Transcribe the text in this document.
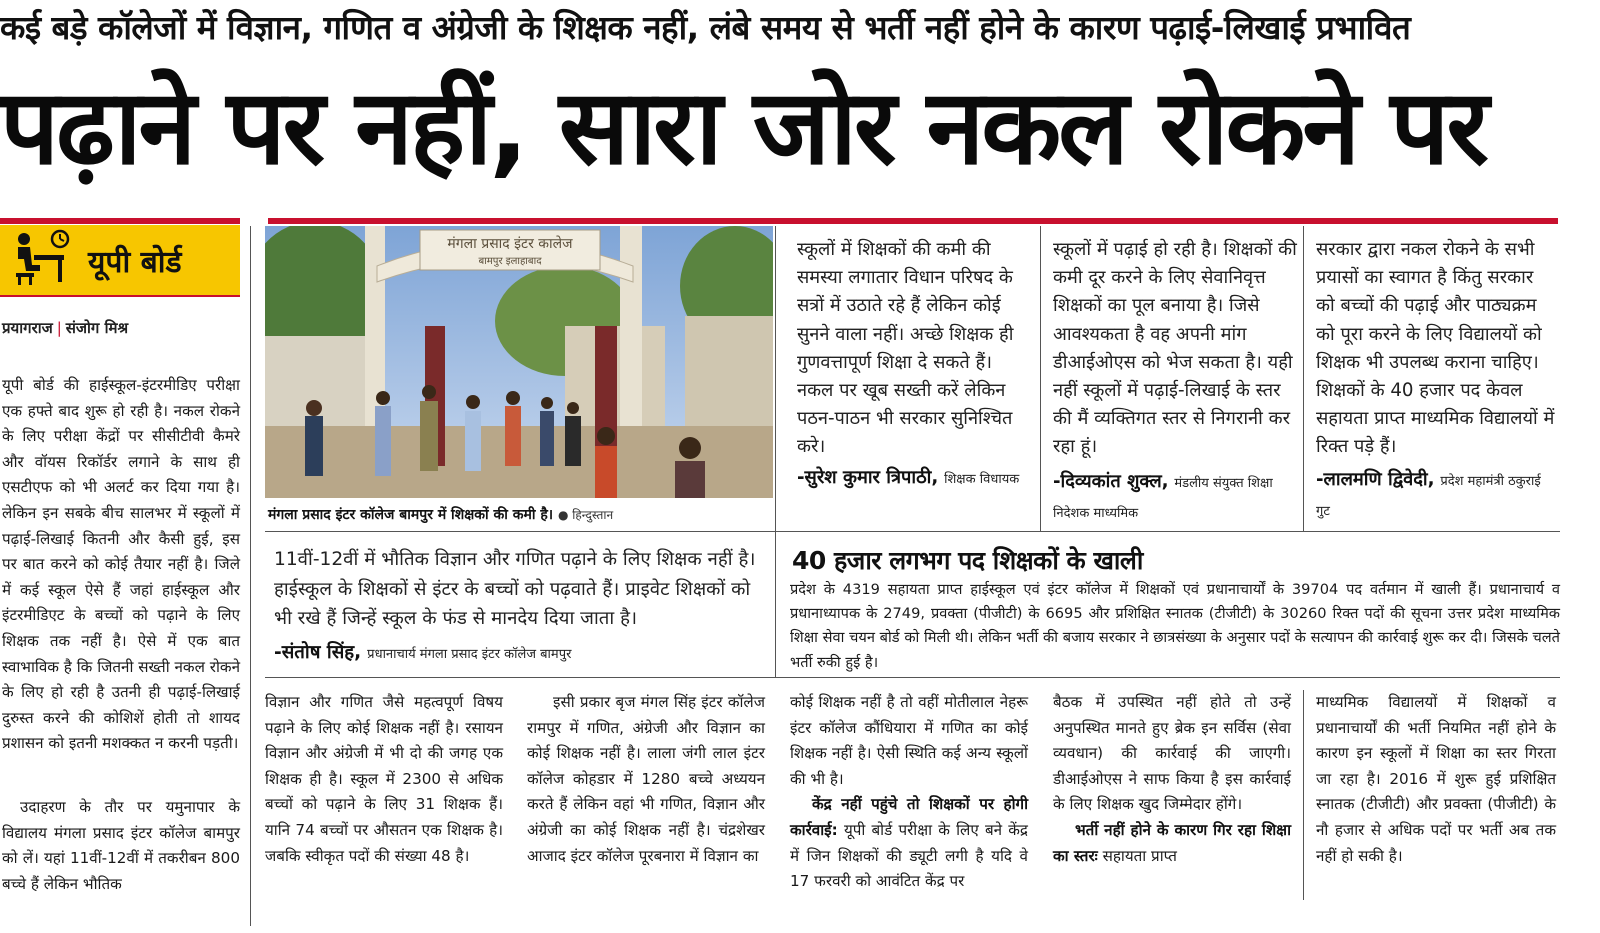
कई बड़े कॉलेजों में विज्ञान, गणित व अंग्रेजी के शिक्षक नहीं, लंबे समय से भर्ती नहीं होने के कारण पढ़ाई-लिखाई प्रभावित
पढ़ाने पर नहीं, सारा जोर नकल रोकने पर
यूपी बोर्ड
प्रयागराज | संजोग मिश्र
यूपी बोर्ड की हाईस्कूल-इंटरमीडिए परीक्षा एक हफ्ते बाद शुरू हो रही है। नकल रोकने के लिए परीक्षा केंद्रों पर सीसीटीवी कैमरे और वॉयस रिकॉर्डर लगाने के साथ ही एसटीएफ को भी अलर्ट कर दिया गया है। लेकिन इन सबके बीच सालभर में स्कूलों में पढ़ाई-लिखाई कितनी और कैसी हुई, इस पर बात करने को कोई तैयार नहीं है। जिले में कई स्कूल ऐसे हैं जहां हाईस्कूल और इंटरमीडिएट के बच्चों को पढ़ाने के लिए शिक्षक तक नहीं है। ऐसे में एक बात स्वाभाविक है कि जितनी सख्ती नकल रोकने के लिए हो रही है उतनी ही पढ़ाई-लिखाई दुरुस्त करने की कोशिशें होती तो शायद प्रशासन को इतनी मशक्कत न करनी पड़ती।
उदाहरण के तौर पर यमुनापार के विद्यालय मंगला प्रसाद इंटर कॉलेज बामपुर को लें। यहां 11वीं-12वीं में तकरीबन 800 बच्चे हैं लेकिन भौतिक
मंगला प्रसाद इंटर कालेज
बामपुर इलाहाबाद
मंगला प्रसाद इंटर कॉलेज बामपुर में शिक्षकों की कमी है। ● हिन्दुस्तान
स्कूलों में शिक्षकों की कमी की समस्या लगातार विधान परिषद के सत्रों में उठाते रहे हैं लेकिन कोई सुनने वाला नहीं। अच्छे शिक्षक ही गुणवत्तापूर्ण शिक्षा दे सकते हैं। नकल पर खूब सख्ती करें लेकिन पठन-पाठन भी सरकार सुनिश्चित करे।
-सुरेश कुमार त्रिपाठी, शिक्षक विधायक
स्कूलों में पढ़ाई हो रही है। शिक्षकों की कमी दूर करने के लिए सेवानिवृत्त शिक्षकों का पूल बनाया है। जिसे आवश्यकता है वह अपनी मांग डीआईओएस को भेज सकता है। यही नहीं स्कूलों में पढ़ाई-लिखाई के स्तर की मैं व्यक्तिगत स्तर से निगरानी कर रहा हूं।
-दिव्यकांत शुक्ल, मंडलीय संयुक्त शिक्षा निदेशक माध्यमिक
सरकार द्वारा नकल रोकने के सभी प्रयासों का स्वागत है किंतु सरकार को बच्चों की पढ़ाई और पाठ्यक्रम को पूरा करने के लिए विद्यालयों को शिक्षक भी उपलब्ध कराना चाहिए। शिक्षकों के 40 हजार पद केवल सहायता प्राप्त माध्यमिक विद्यालयों में रिक्त पड़े हैं।
-लालमणि द्विवेदी, प्रदेश महामंत्री ठकुराई गुट
11वीं-12वीं में भौतिक विज्ञान और गणित पढ़ाने के लिए शिक्षक नहीं है। हाईस्कूल के शिक्षकों से इंटर के बच्चों को पढ़वाते हैं। प्राइवेट शिक्षकों को भी रखे हैं जिन्हें स्कूल के फंड से मानदेय दिया जाता है।
-संतोष सिंह, प्रधानाचार्य मंगला प्रसाद इंटर कॉलेज बामपुर
40 हजार लगभग पद शिक्षकों के खाली
प्रदेश के 4319 सहायता प्राप्त हाईस्कूल एवं इंटर कॉलेज में शिक्षकों एवं प्रधानाचार्यों के 39704 पद वर्तमान में खाली हैं। प्रधानाचार्य व प्रधानाध्यापक के 2749, प्रवक्ता (पीजीटी) के 6695 और प्रशिक्षित स्नातक (टीजीटी) के 30260 रिक्त पदों की सूचना उत्तर प्रदेश माध्यमिक शिक्षा सेवा चयन बोर्ड को मिली थी। लेकिन भर्ती की बजाय सरकार ने छात्रसंख्या के अनुसार पदों के सत्यापन की कार्रवाई शुरू कर दी। जिसके चलते भर्ती रुकी हुई है।
विज्ञान और गणित जैसे महत्वपूर्ण विषय पढ़ाने के लिए कोई शिक्षक नहीं है। रसायन विज्ञान और अंग्रेजी में भी दो की जगह एक शिक्षक ही है। स्कूल में 2300 से अधिक बच्चों को पढ़ाने के लिए 31 शिक्षक हैं। यानि 74 बच्चों पर औसतन एक शिक्षक है। जबकि स्वीकृत पदों की संख्या 48 है।
इसी प्रकार बृज मंगल सिंह इंटर कॉलेज रामपुर में गणित, अंग्रेजी और विज्ञान का कोई शिक्षक नहीं है। लाला जंगी लाल इंटर कॉलेज कोहडार में 1280 बच्चे अध्ययन करते हैं लेकिन वहां भी गणित, विज्ञान और अंग्रेजी का कोई शिक्षक नहीं है। चंद्रशेखर आजाद इंटर कॉलेज पूरबनारा में विज्ञान का
कोई शिक्षक नहीं है तो वहीं मोतीलाल नेहरू इंटर कॉलेज कौंधियारा में गणित का कोई शिक्षक नहीं है। ऐसी स्थिति कई अन्य स्कूलों की भी है।
केंद्र नहीं पहुंचे तो शिक्षकों पर होगी कार्रवाई: यूपी बोर्ड परीक्षा के लिए बने केंद्र में जिन शिक्षकों की ड्यूटी लगी है यदि वे 17 फरवरी को आवंटित केंद्र पर
बैठक में उपस्थित नहीं होते तो उन्हें अनुपस्थित मानते हुए ब्रेक इन सर्विस (सेवा व्यवधान) की कार्रवाई की जाएगी। डीआईओएस ने साफ किया है इस कार्रवाई के लिए शिक्षक खुद जिम्मेदार होंगे।
भर्ती नहीं होने के कारण गिर रहा शिक्षा का स्तरः सहायता प्राप्त
माध्यमिक विद्यालयों में शिक्षकों व प्रधानाचार्यों की भर्ती नियमित नहीं होने के कारण इन स्कूलों में शिक्षा का स्तर गिरता जा रहा है। 2016 में शुरू हुई प्रशिक्षित स्नातक (टीजीटी) और प्रवक्ता (पीजीटी) के नौ हजार से अधिक पदों पर भर्ती अब तक नहीं हो सकी है।
